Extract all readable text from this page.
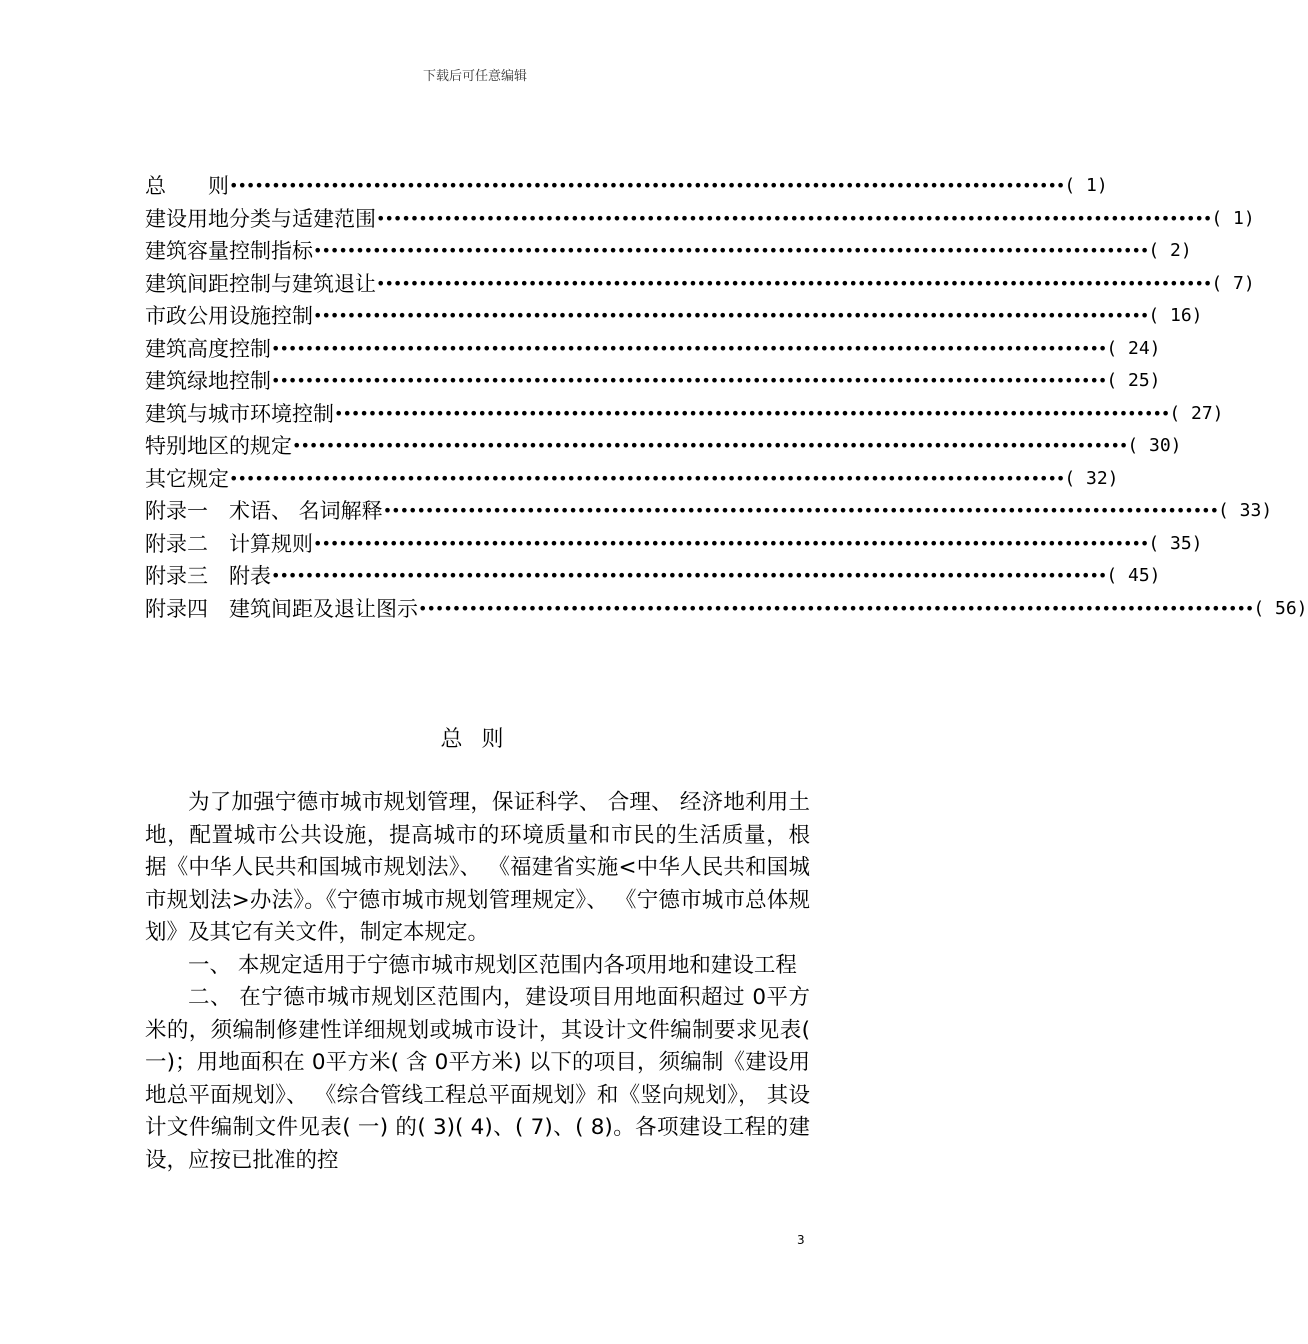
下载后可任意编辑
总　　则 ••••••••••••••••••••••••••••••••••••••••••••••••••••••••••••••••••••••••••••••••••••••••••••••••••• ( 1)
建设用地分类与适建范围 ••••••••••••••••••••••••••••••••••••••••••••••••••••••••••••••••••••••••••••••••••••••••••••••••••• ( 1)
建筑容量控制指标 ••••••••••••••••••••••••••••••••••••••••••••••••••••••••••••••••••••••••••••••••••••••••••••••••••• ( 2)
建筑间距控制与建筑退让 ••••••••••••••••••••••••••••••••••••••••••••••••••••••••••••••••••••••••••••••••••••••••••••••••••• ( 7)
市政公用设施控制 ••••••••••••••••••••••••••••••••••••••••••••••••••••••••••••••••••••••••••••••••••••••••••••••••••• ( 16)
建筑高度控制 ••••••••••••••••••••••••••••••••••••••••••••••••••••••••••••••••••••••••••••••••••••••••••••••••••• ( 24)
建筑绿地控制 ••••••••••••••••••••••••••••••••••••••••••••••••••••••••••••••••••••••••••••••••••••••••••••••••••• ( 25)
建筑与城市环境控制 ••••••••••••••••••••••••••••••••••••••••••••••••••••••••••••••••••••••••••••••••••••••••••••••••••• ( 27)
特别地区的规定 ••••••••••••••••••••••••••••••••••••••••••••••••••••••••••••••••••••••••••••••••••••••••••••••••••• ( 30)
其它规定 ••••••••••••••••••••••••••••••••••••••••••••••••••••••••••••••••••••••••••••••••••••••••••••••••••• ( 32)
附录一　术语、 名词解释 ••••••••••••••••••••••••••••••••••••••••••••••••••••••••••••••••••••••••••••••••••••••••••••••••••• ( 33)
附录二　计算规则 ••••••••••••••••••••••••••••••••••••••••••••••••••••••••••••••••••••••••••••••••••••••••••••••••••• ( 35)
附录三　附表 ••••••••••••••••••••••••••••••••••••••••••••••••••••••••••••••••••••••••••••••••••••••••••••••••••• ( 45)
附录四　建筑间距及退让图示 ••••••••••••••••••••••••••••••••••••••••••••••••••••••••••••••••••••••••••••••••••••••••••••••••••• ( 56)
总 则

为了加强宁德市城市规划管理，保证科学、 合理、 经济地利用土地，配置城市公共设施，提高城市的环境质量和市民的生活质量，根据《中华人民共和国城市规划法》、 《福建省实施<中华人民共和国城市规划法>办法》。《宁德市城市规划管理规定》、 《宁德市城市总体规划》及其它有关文件，制定本规定。

一、 本规定适用于宁德市城市规划区范围内各项用地和建设工程

二、 在宁德市城市规划区范围内，建设项目用地面积超过 0平方米的，须编制修建性详细规划或城市设计，其设计文件编制要求见表( 一)；用地面积在 0平方米( 含 0平方米) 以下的项目，须编制《建设用地总平面规划》、 《综合管线工程总平面规划》和《竖向规划》， 其设计文件编制文件见表( 一) 的( 3)( 4)、( 7)、( 8)。各项建设工程的建设，应按已批准的控

3
